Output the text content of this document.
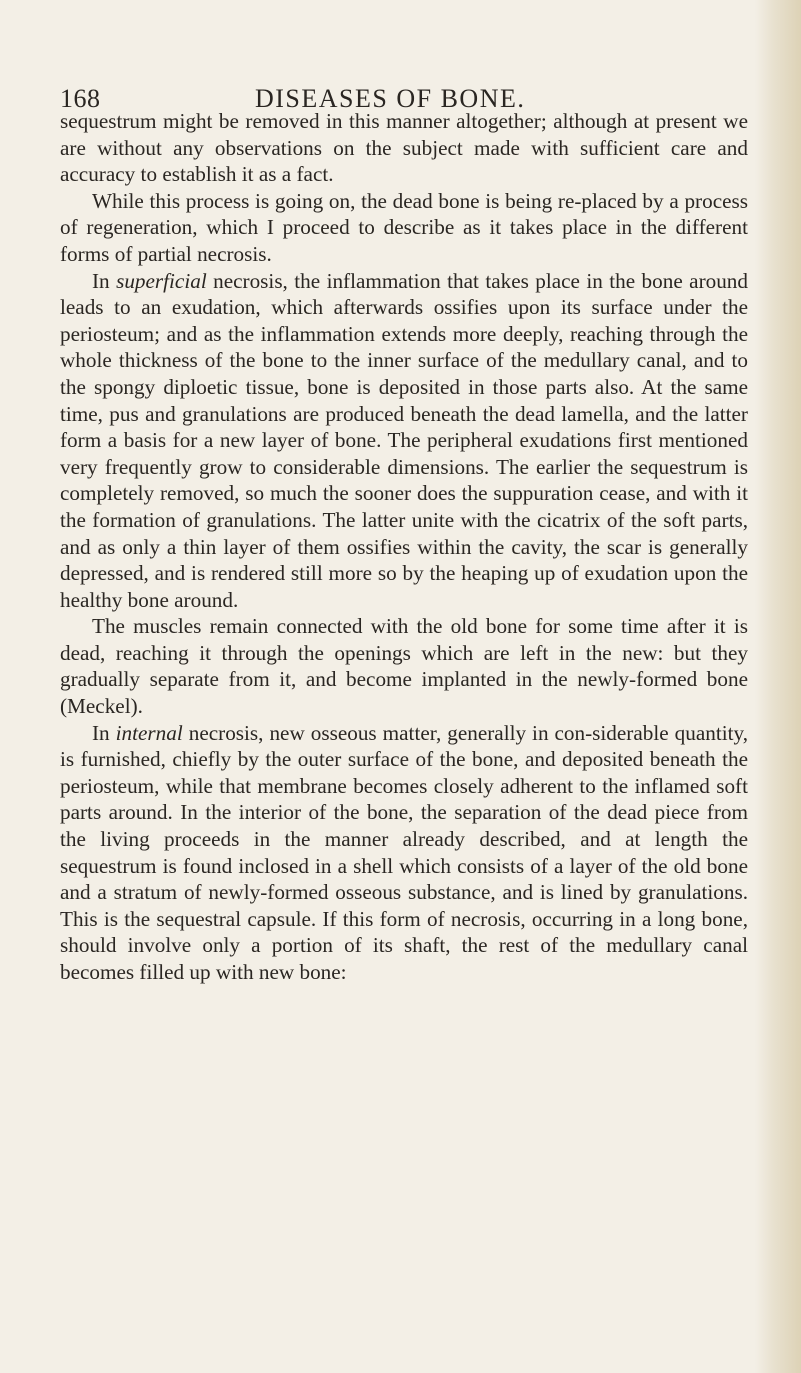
168	DISEASES OF BONE.

sequestrum might be removed in this manner altogether; although at present we are without any observations on the subject made with sufficient care and accuracy to establish it as a fact.

While this process is going on, the dead bone is being re-placed by a process of regeneration, which I proceed to describe as it takes place in the different forms of partial necrosis.

In superficial necrosis, the inflammation that takes place in the bone around leads to an exudation, which afterwards ossifies upon its surface under the periosteum; and as the inflammation extends more deeply, reaching through the whole thickness of the bone to the inner surface of the medullary canal, and to the spongy diploetic tissue, bone is deposited in those parts also. At the same time, pus and granulations are produced beneath the dead lamella, and the latter form a basis for a new layer of bone. The peripheral exudations first mentioned very frequently grow to considerable dimensions. The earlier the sequestrum is completely removed, so much the sooner does the suppuration cease, and with it the formation of granulations. The latter unite with the cicatrix of the soft parts, and as only a thin layer of them ossifies within the cavity, the scar is generally depressed, and is rendered still more so by the heaping up of exudation upon the healthy bone around.

The muscles remain connected with the old bone for some time after it is dead, reaching it through the openings which are left in the new: but they gradually separate from it, and become implanted in the newly-formed bone (Meckel).

In internal necrosis, new osseous matter, generally in con-siderable quantity, is furnished, chiefly by the outer surface of the bone, and deposited beneath the periosteum, while that membrane becomes closely adherent to the inflamed soft parts around. In the interior of the bone, the separation of the dead piece from the living proceeds in the manner already described, and at length the sequestrum is found inclosed in a shell which consists of a layer of the old bone and a stratum of newly-formed osseous substance, and is lined by granulations. This is the sequestral capsule. If this form of necrosis, occurring in a long bone, should involve only a portion of its shaft, the rest of the medullary canal becomes filled up with new bone:
